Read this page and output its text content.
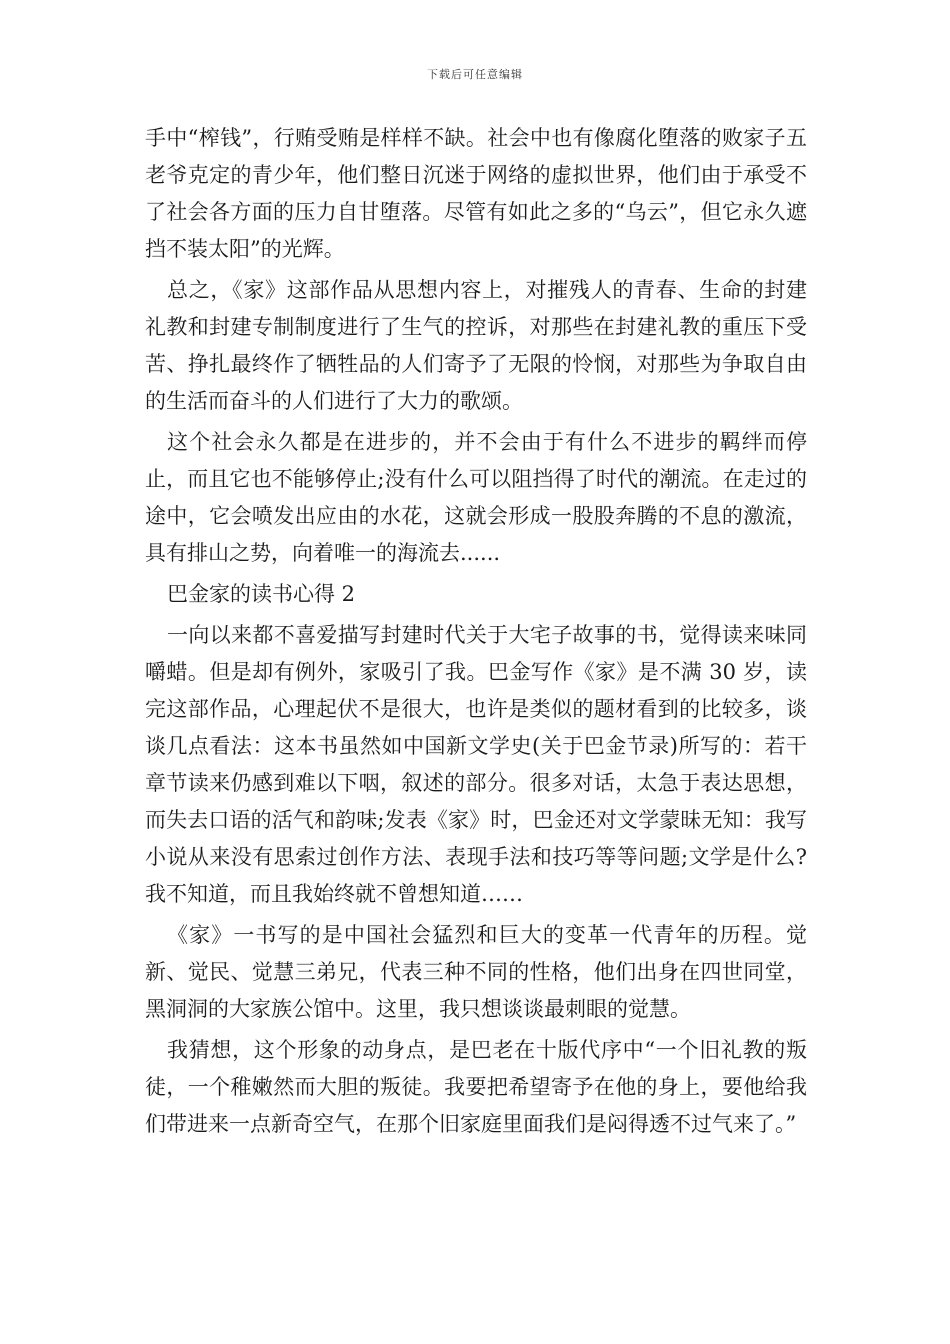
下载后可任意编辑

手中“榨钱”，行贿受贿是样样不缺。社会中也有像腐化堕落的败家子五老爷克定的青少年，他们整日沉迷于网络的虚拟世界，他们由于承受不了社会各方面的压力自甘堕落。尽管有如此之多的“乌云”，但它永久遮挡不装太阳”的光辉。

总之，《家》这部作品从思想内容上，对摧残人的青春、生命的封建礼教和封建专制制度进行了生气的控诉，对那些在封建礼教的重压下受苦、挣扎最终作了牺牲品的人们寄予了无限的怜悯，对那些为争取自由的生活而奋斗的人们进行了大力的歌颂。

这个社会永久都是在进步的，并不会由于有什么不进步的羁绊而停止，而且它也不能够停止;没有什么可以阻挡得了时代的潮流。在走过的途中，它会喷发出应由的水花，这就会形成一股股奔腾的不息的激流，具有排山之势，向着唯一的海流去......

巴金家的读书心得 2

一向以来都不喜爱描写封建时代关于大宅子故事的书，觉得读来味同嚼蜡。但是却有例外，家吸引了我。巴金写作《家》是不满 30 岁，读完这部作品，心理起伏不是很大，也许是类似的题材看到的比较多，谈谈几点看法：这本书虽然如中国新文学史(关于巴金节录)所写的：若干章节读来仍感到难以下咽，叙述的部分。很多对话，太急于表达思想，而失去口语的活气和韵味;发表《家》时，巴金还对文学蒙昧无知：我写小说从来没有思索过创作方法、表现手法和技巧等等问题;文学是什么?我不知道，而且我始终就不曾想知道……

《家》一书写的是中国社会猛烈和巨大的变革一代青年的历程。觉新、觉民、觉慧三弟兄，代表三种不同的性格，他们出身在四世同堂，黑洞洞的大家族公馆中。这里，我只想谈谈最刺眼的觉慧。

我猜想，这个形象的动身点，是巴老在十版代序中“一个旧礼教的叛徒，一个稚嫩然而大胆的叛徒。我要把希望寄予在他的身上，要他给我们带进来一点新奇空气，在那个旧家庭里面我们是闷得透不过气来了。”
